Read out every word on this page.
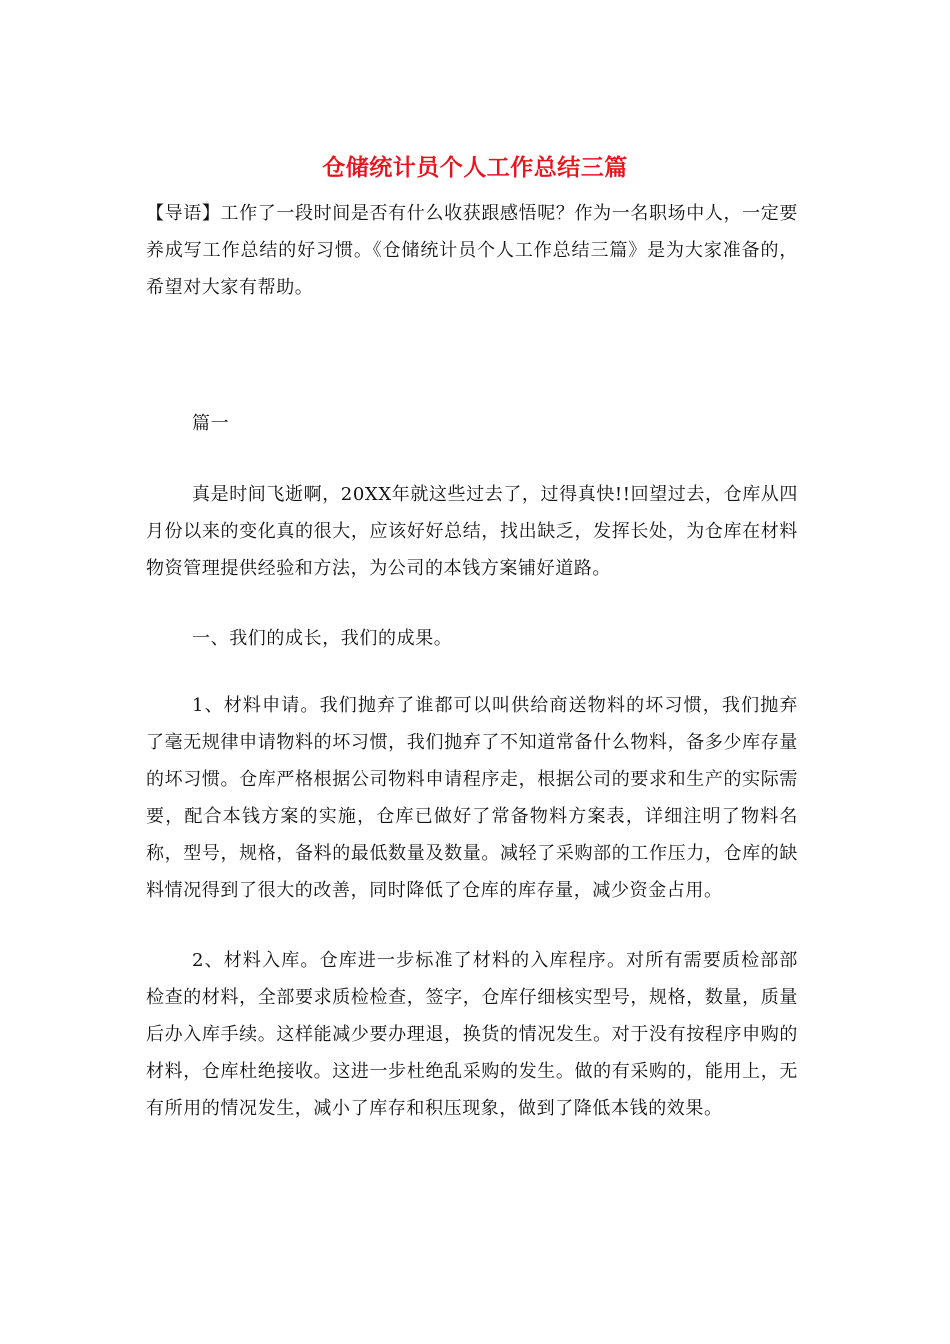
仓储统计员个人工作总结三篇
【导语】工作了一段时间是否有什么收获跟感悟呢？作为一名职场中人，一定要养成写工作总结的好习惯。《仓储统计员个人工作总结三篇》是为大家准备的，希望对大家有帮助。
篇一
真是时间飞逝啊，20XX年就这些过去了，过得真快!!回望过去，仓库从四月份以来的变化真的很大，应该好好总结，找出缺乏，发挥长处，为仓库在材料物资管理提供经验和方法，为公司的本钱方案铺好道路。
一、我们的成长，我们的成果。
1、材料申请。我们抛弃了谁都可以叫供给商送物料的坏习惯，我们抛弃了毫无规律申请物料的坏习惯，我们抛弃了不知道常备什么物料，备多少库存量的坏习惯。仓库严格根据公司物料申请程序走，根据公司的要求和生产的实际需要，配合本钱方案的实施，仓库已做好了常备物料方案表，详细注明了物料名称，型号，规格，备料的最低数量及数量。减轻了采购部的工作压力，仓库的缺料情况得到了很大的改善，同时降低了仓库的库存量，减少资金占用。
2、材料入库。仓库进一步标准了材料的入库程序。对所有需要质检部部检查的材料，全部要求质检检查，签字，仓库仔细核实型号，规格，数量，质量后办入库手续。这样能减少要办理退，换货的情况发生。对于没有按程序申购的材料，仓库杜绝接收。这进一步杜绝乱采购的发生。做的有采购的，能用上，无有所用的情况发生，减小了库存和积压现象，做到了降低本钱的效果。
